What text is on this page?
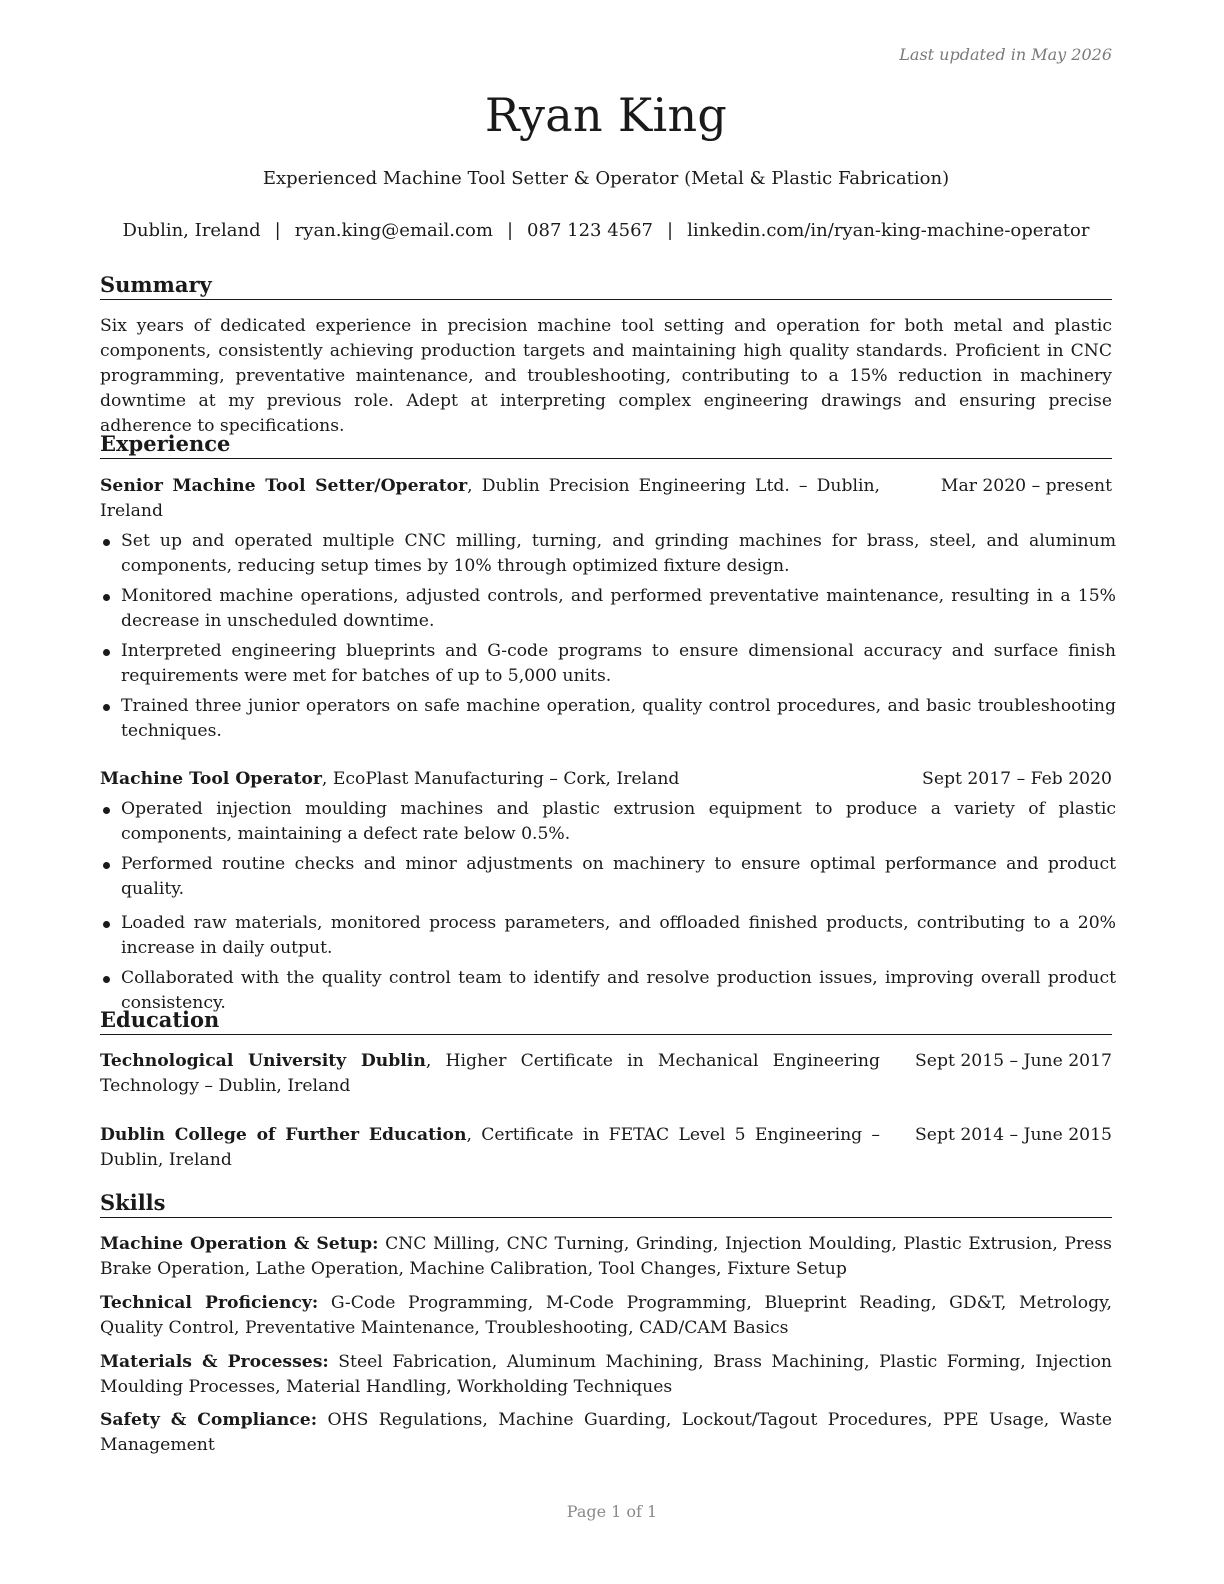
Last updated in May 2026
Ryan King
Experienced Machine Tool Setter & Operator (Metal & Plastic Fabrication)
Dublin, Ireland | ryan.king@email.com | 087 123 4567 | linkedin.com/in/ryan-king-machine-operator
Summary
Six years of dedicated experience in precision machine tool setting and operation for both metal and plastic components, consistently achieving production targets and maintaining high quality standards. Proficient in CNC programming, preventative maintenance, and troubleshooting, contributing to a 15% reduction in machinery downtime at my previous role. Adept at interpreting complex engineering drawings and ensuring precise adherence to specifications.
Experience
Senior Machine Tool Setter/Operator, Dublin Precision Engineering Ltd. – Dublin, Ireland
Mar 2020 – present
Set up and operated multiple CNC milling, turning, and grinding machines for brass, steel, and aluminum components, reducing setup times by 10% through optimized fixture design.
Monitored machine operations, adjusted controls, and performed preventative maintenance, resulting in a 15% decrease in unscheduled downtime.
Interpreted engineering blueprints and G-code programs to ensure dimensional accuracy and surface finish requirements were met for batches of up to 5,000 units.
Trained three junior operators on safe machine operation, quality control procedures, and basic troubleshooting techniques.
Machine Tool Operator, EcoPlast Manufacturing – Cork, Ireland	Sept 2017 – Feb 2020
Operated injection moulding machines and plastic extrusion equipment to produce a variety of plastic components, maintaining a defect rate below 0.5%.
Performed routine checks and minor adjustments on machinery to ensure optimal performance and product quality.
Loaded raw materials, monitored process parameters, and offloaded finished products, contributing to a 20% increase in daily output.
Collaborated with the quality control team to identify and resolve production issues, improving overall product consistency.
Education
Technological University Dublin, Higher Certificate in Mechanical Engineering Technology – Dublin, Ireland
Sept 2015 – June 2017
Dublin College of Further Education, Certificate in FETAC Level 5 Engineering – Dublin, Ireland
Sept 2014 – June 2015
Skills
Machine Operation & Setup: CNC Milling, CNC Turning, Grinding, Injection Moulding, Plastic Extrusion, Press Brake Operation, Lathe Operation, Machine Calibration, Tool Changes, Fixture Setup
Technical Proficiency: G-Code Programming, M-Code Programming, Blueprint Reading, GD&T, Metrology, Quality Control, Preventative Maintenance, Troubleshooting, CAD/CAM Basics
Materials & Processes: Steel Fabrication, Aluminum Machining, Brass Machining, Plastic Forming, Injection Moulding Processes, Material Handling, Workholding Techniques
Safety & Compliance: OHS Regulations, Machine Guarding, Lockout/Tagout Procedures, PPE Usage, Waste Management
Page 1 of 1
